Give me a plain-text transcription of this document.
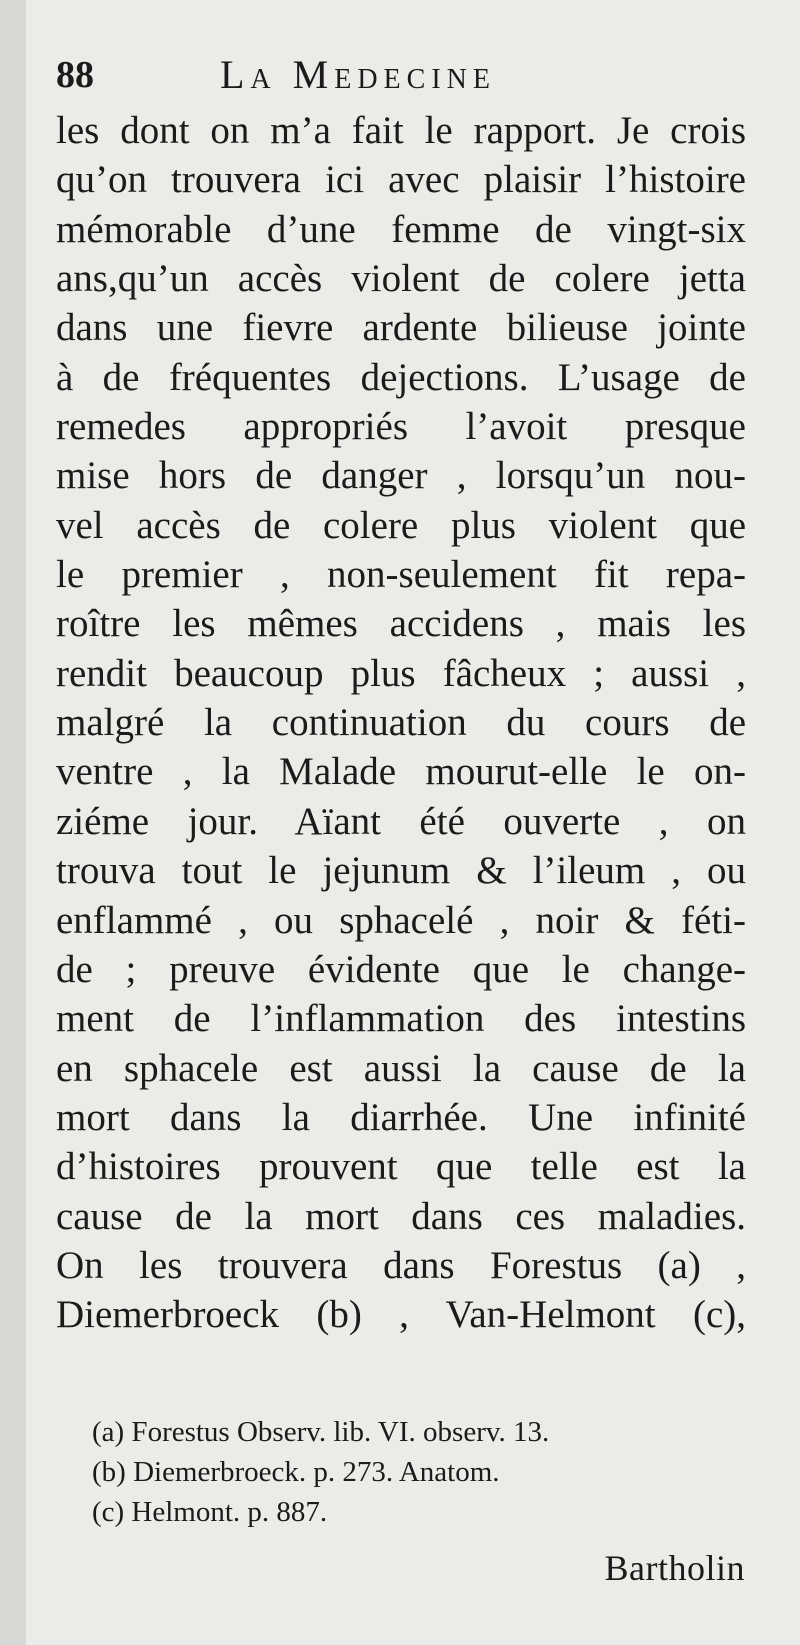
88	La Medecine
les dont on m’a fait le rapport. Je crois
qu’on trouvera ici avec plaisir l’histoire
mémorable d’une femme de vingt-six
ans,qu’un accès violent de colere jetta
dans une fievre ardente bilieuse jointe
à de fréquentes dejections. L’usage de
remedes appropriés l’avoit presque
mise hors de danger , lorsqu’un nou-
vel accès de colere plus violent que
le premier , non-seulement fit repa-
roître les mêmes accidens , mais les
rendit beaucoup plus fâcheux ; aussi ,
malgré la continuation du cours de
ventre , la Malade mourut-elle le on-
ziéme jour. Aïant été ouverte , on
trouva tout le jejunum & l’ileum , ou
enflammé , ou sphacelé , noir & féti-
de ; preuve évidente que le change-
ment de l’inflammation des intestins
en sphacele est aussi la cause de la
mort dans la diarrhée. Une infinité
d’histoires prouvent que telle est la
cause de la mort dans ces maladies.
On les trouvera dans Forestus (a) ,
Diemerbroeck (b) , Van-Helmont (c),
(a) Forestus Observ. lib. VI. observ. 13.
(b) Diemerbroeck. p. 273. Anatom.
(c) Helmont. p. 887.
Bartholin
